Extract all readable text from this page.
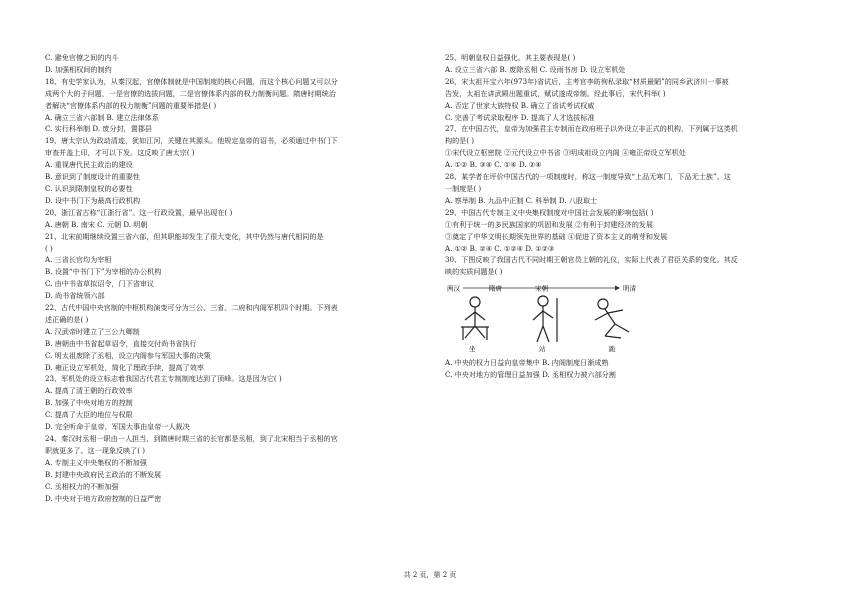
C. 避免官僚之间的内斗
D. 加强相权间的制约
18、有史学家认为，从秦汉起，官僚体制就是中国制度的核心问题，而这个核心问题又可以分
成两个大的子问题，一是官僚的选拔问题，二是官僚体系内部的权力制衡问题。隋唐时期统治
者解决“官僚体系内部的权力制衡”问题的重要举措是( )
A. 确立三省六部制 B. 建立法律体系
C. 实行科举制 D. 废分封，置郡县
19、唐太宗认为政动清迹，犹如江河，关键在其源头。他规定皇帝的诏书，必须通过中书门下
审查并盖上印，才可以下发。这反映了唐太宗( )
A. 重视唐代民主政治的建设
B. 意识到了制度设计的重要性
C. 认识到限制皇权的必要性
D. 设中书门下为最高行政机构
20、浙江省古称“江浙行省”。这一行政设置，最早出现在( )
A. 唐朝 B. 南宋 C. 元朝 D. 明朝
21、北宋前期继续设置三省六部，但其职能却发生了很大变化，其中仍然与唐代相同的是
( )
A. 三省长官均为宰相
B. 设置“中书门下”为宰相的办公机构
C. 由中书省草拟诏令，门下省审议
D. 尚书省统领六部
22、古代中国中央官制的中枢机构演变可分为三公、三省、二府和内阁军机四个时期。下列表
述正确的是( )
A. 汉武帝时建立了三公九卿制
B. 唐朝由中书省起草诏令，直接交付尚书省执行
C. 明太祖废除了丞相，设立内阁参与军国大事的决策
D. 雍正设立军机处，简化了理政手续，提高了效率
23、军机处的设立标志着我国古代君主专制制度达到了顶峰。这是因为它( )
A. 提高了清王朝的行政效率
B. 加强了中央对地方的控制
C. 提高了大臣的地位与权限
D. 完全听命于皇帝，军国大事由皇帝一人裁决
24、秦汉时丞相一职由一人担当，到隋唐时期三省的长官都是丞相，到了北宋相当于丞相的官
职就更多了。这一现象反映了( )
A. 专制主义中央集权的不断加强
B. 封建中央政府民主政治的不断发展
C. 丞相权力的不断加强
D. 中央对于地方政府控制的日益严密
25、明朝皇权日益强化。其主要表现是( )
A. 设立三省六部 B. 废除丞相 C. 设雨书房 D. 设立军机处
26、宋太祖开宝六年(973年)省试后，主考官李昉徇私录取“材质最陋”的同乡武济川一事被
告发，太祖在讲武殿出题重试，赋试遂成帝制。经此事后，宋代科举( )
A. 否定了世家大族特权 B. 确立了省试考试权威
C. 完善了考试录取程序 D. 提高了人才选拔标准
27、在中国古代，皇帝为加强君主专制而在政府班子以外设立非正式的机构，下列属于这类机
构的是( )
①宋代设立枢密院 ②元代设立中书省 ③明成祖设立内阁 ④雍正帝设立军机处
A. ①② B. ③④ C. ①④ D. ②④
28、某学者在评价中国古代的一项制度时，称这一制度导致“上品无寒门，下品无士族”。这
一制度是( )
A. 察举制 B. 九品中正制 C. 科举制 D. 八股取士
29、中国古代专制主义中央集权制度对中国社会发展的影响包括( )
①有利于统一的多民族国家的巩固和发展 ②有利于封建经济的发展
③奠定了中华文明长期领先世界的基础 ④促进了资本主义的萌芽和发展
A. ①② B. ②④ C. ①②④ D. ①②③
30、下图反映了我国古代不同时期王朝官员上朝的礼仪，实际上代表了君臣关系的变化。其反
映的实质问题是( )
两汉	隋唐	宋朝	明清
坐	站	跪
A. 中央的权力日益向皇帝集中 B. 内阁制度日渐成熟
C. 中央对地方的管理日益加强 D. 丞相权力被六部分割
共 2 页，第 2 页
